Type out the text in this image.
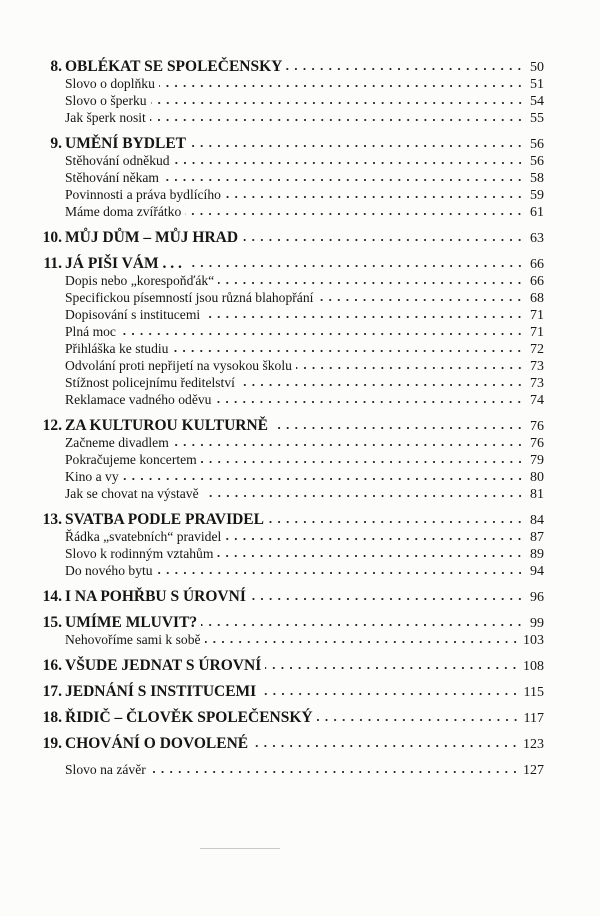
8. OBLÉKAT SE SPOLEČENSKY	50
Slovo o doplňku	51
Slovo o šperku	54
Jak šperk nosit	55
9. UMĚNÍ BYDLET	56
Stěhování odněkud	56
Stěhování někam	58
Povinnosti a práva bydlícího	59
Máme doma zvířátko	61
10. MŮJ DŮM – MŮJ HRAD	63
11. JÁ PIŠI VÁM . . .	66
Dopis nebo „korespoňďák“	66
Specifickou písemností jsou různá blahopřání	68
Dopisování s institucemi	71
Plná moc	71
Přihláška ke studiu	72
Odvolání proti nepřijetí na vysokou školu	73
Stížnost policejnímu ředitelství	73
Reklamace vadného oděvu	74
12. ZA KULTUROU KULTURNĚ	76
Začneme divadlem	76
Pokračujeme koncertem	79
Kino a vy	80
Jak se chovat na výstavě	81
13. SVATBA PODLE PRAVIDEL	84
Řádka „svatebních“ pravidel	87
Slovo k rodinným vztahům	89
Do nového bytu	94
14. I NA POHŘBU S ÚROVNÍ	96
15. UMÍME MLUVIT?	99
Nehovoříme sami k sobě	103
16. VŠUDE JEDNAT S ÚROVNÍ	108
17. JEDNÁNÍ S INSTITUCEMI	115
18. ŘIDIČ – ČLOVĚK SPOLEČENSKÝ	117
19. CHOVÁNÍ O DOVOLENÉ	123
Slovo na závěr	127
